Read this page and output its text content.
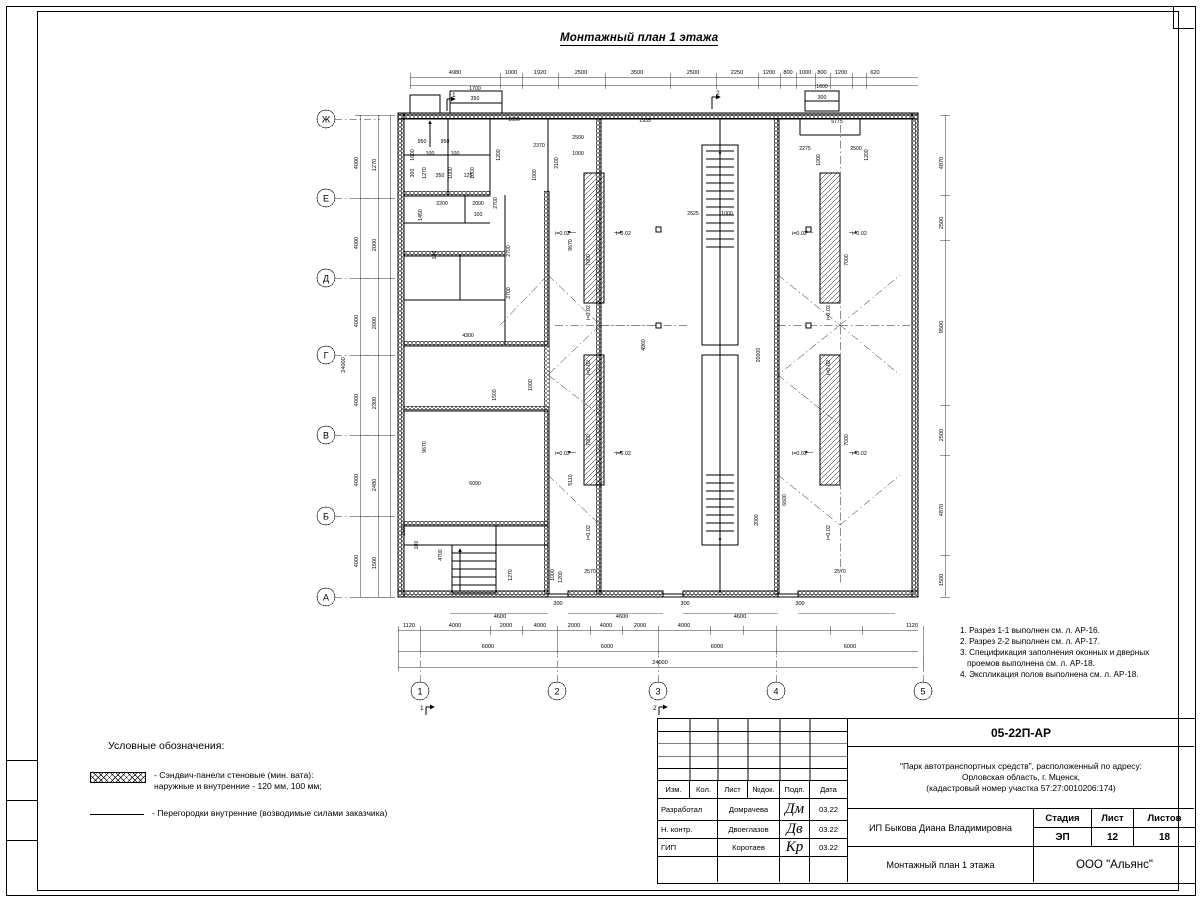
Монтажный план 1 этажа
Ж
Е
Д
Г
В
Б
А
1	2	3	4	5
4980	1000	1920	2500	3500	2500	2250	1200 800 1000 800 1200	620
1120	4000	2000	4000	2000	4000	2000	4000	1120
6000	6000	6000	6000
24000
300	300	300
4600	4600	4600
4000
4000
4000
4000
4000
4000
24000
1270
2000
2000
2300
2480
1500
4870
2500
9500
2500
4870
1500
1700
350
1690
2370
2500
1000
1935	5775
2275	2500
1600
300
9670
4960
5110
2570	2570
20000
2000
2525	1000
4300
6090
2200	2000
100
2700
2700
2700
950	950
100	100
350	125
1600
1270
300	1000	1000
1450
100
1200
1500
1000
9670
1500
100
4700
1270	1000 1200
2100
1000
7000
7000
7000
7000
1000
6600
1200
i=0.02	i=0.02
i=0.02
i=0.02
i=0.02	i=0.02
i=0.02
i=0.02	i=0.02
i=0.02
i=0.02
i=0.02	i=0.02
i=0.02
1	2
1	2
1. Разрез 1-1 выполнен см. л. АР-16.
2. Разрез 2-2 выполнен см. л. АР-17.
3. Спецификация заполнения оконных и дверных
проемов выполнена см. л. АР-18.
4. Экспликация полов выполнена см. л. АР-18.
Условные обозначения:
- Сэндвич-панели стеновые (мин. вата):
наружные и внутренние - 120 мм, 100 мм;
- Перегородки внутренние (возводимые силами заказчика)
05-22П-АР
"Парк автотранспортных средств", расположенный по адресу:
Орловская область, г. Мценск,
(кадастровый номер участка 57:27:0010206:174)
Изм.	Кол.	Лист	№док.	Подп.	Дата
Разработал	Домрачева	Дм	03.22
Н. контр.	Двоеглазов	Дв	03.22
ГИП	Коротаев	Кр	03.22
ИП Быкова Диана Владимировна
Монтажный план 1 этажа
Стадия	Лист	Листов
ЭП	12	18
ООО "Альянс"
